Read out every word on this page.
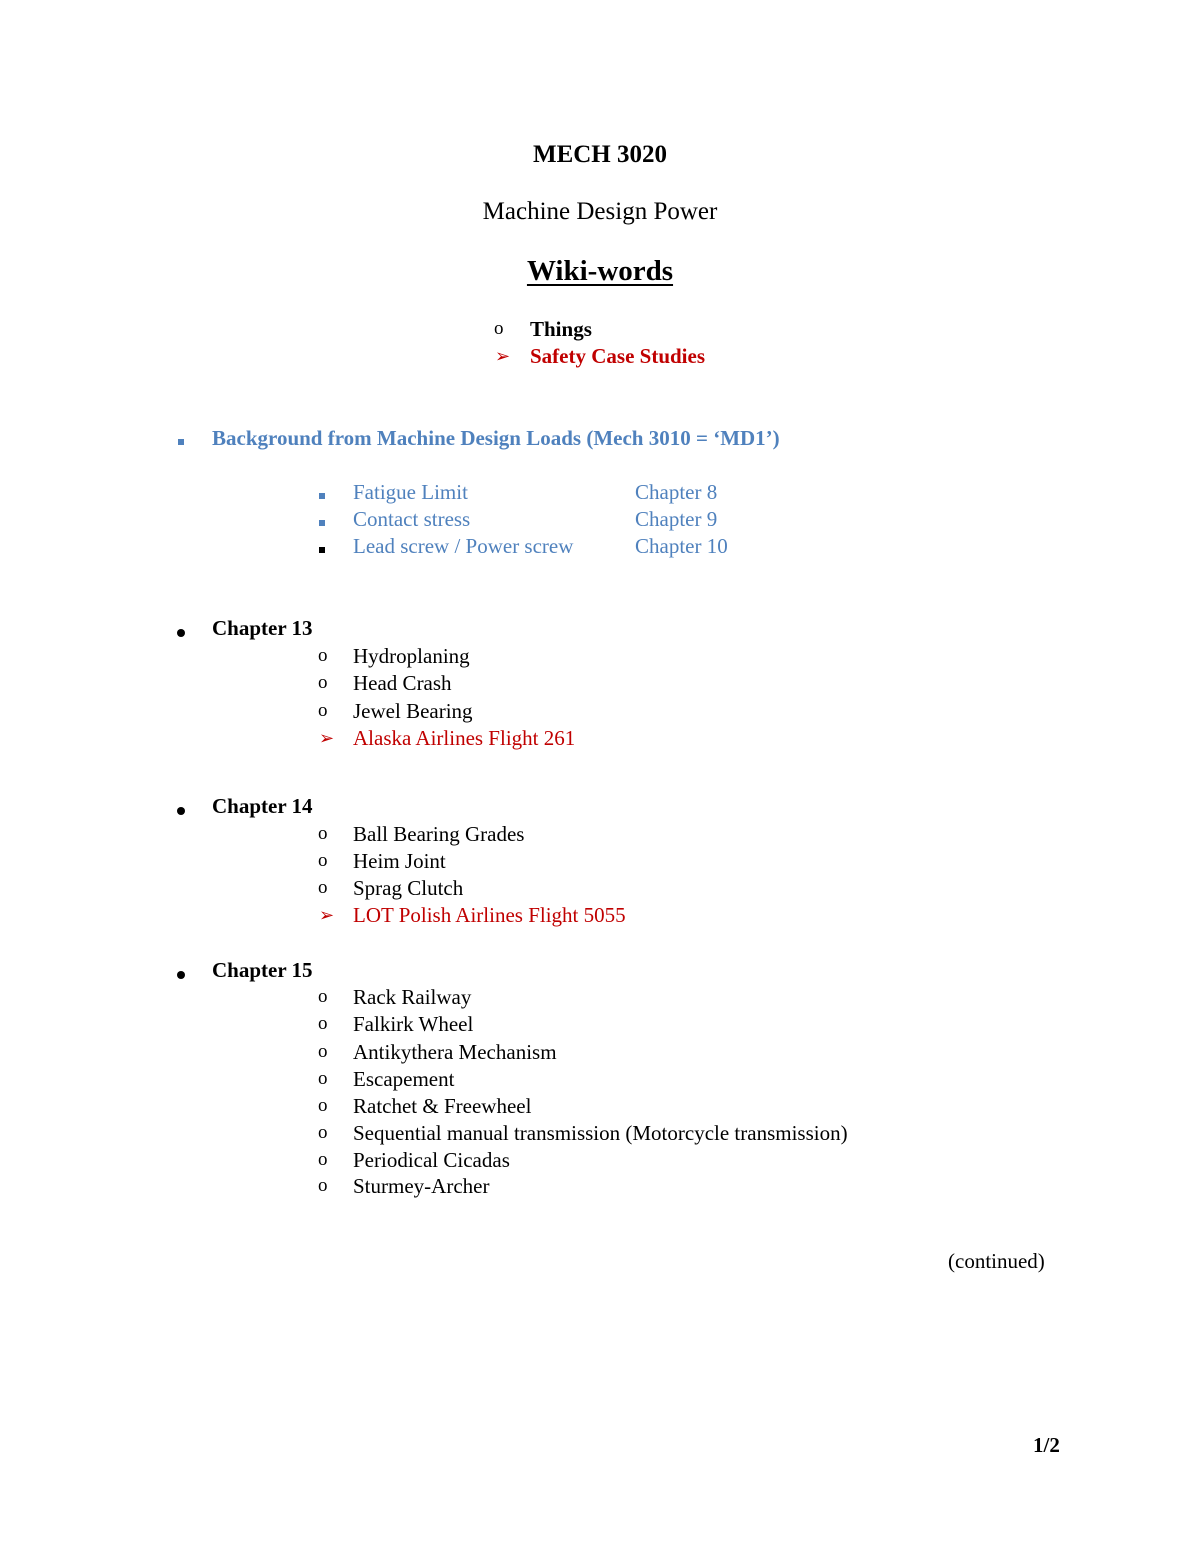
MECH 3020
Machine Design Power
Wiki-words
o Things
➢ Safety Case Studies
Background from Machine Design Loads (Mech 3010 = ‘MD1’)
Fatigue Limit	Chapter 8
Contact stress	Chapter 9
Lead screw / Power screw	Chapter 10
Chapter 13
o Hydroplaning
o Head Crash
o Jewel Bearing
➢ Alaska Airlines Flight 261
Chapter 14
o Ball Bearing Grades
o Heim Joint
o Sprag Clutch
➢ LOT Polish Airlines Flight 5055
Chapter 15
o Rack Railway
o Falkirk Wheel
o Antikythera Mechanism
o Escapement
o Ratchet & Freewheel
o Sequential manual transmission (Motorcycle transmission)
o Periodical Cicadas
o Sturmey-Archer
(continued)
1/2
